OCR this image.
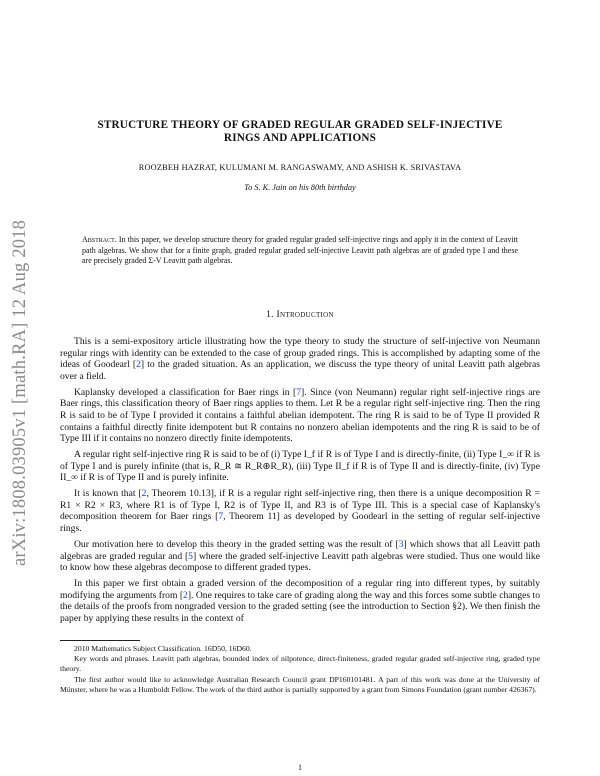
arXiv:1808.03905v1 [math.RA] 12 Aug 2018
STRUCTURE THEORY OF GRADED REGULAR GRADED SELF-INJECTIVE
RINGS AND APPLICATIONS
ROOZBEH HAZRAT, KULUMANI M. RANGASWAMY, AND ASHISH K. SRIVASTAVA
To S. K. Jain on his 80th birthday
Abstract. In this paper, we develop structure theory for graded regular graded self-injective rings and apply it in the context of Leavitt path algebras. We show that for a finite graph, graded regular graded self-injective Leavitt path algebras are of graded type I and these are precisely graded Σ-V Leavitt path algebras.
1. Introduction

This is a semi-expository article illustrating how the type theory to study the structure of self-injective von Neumann regular rings with identity can be extended to the case of group graded rings. This is accomplished by adapting some of the ideas of Goodearl [2] to the graded situation. As an application, we discuss the type theory of unital Leavitt path algebras over a field.

Kaplansky developed a classification for Baer rings in [7]. Since (von Neumann) regular right self-injective rings are Baer rings, this classification theory of Baer rings applies to them. Let R be a regular right self-injective ring. Then the ring R is said to be of Type I provided it contains a faithful abelian idempotent. The ring R is said to be of Type II provided R contains a faithful directly finite idempotent but R contains no nonzero abelian idempotents and the ring R is said to be of Type III if it contains no nonzero directly finite idempotents.

A regular right self-injective ring R is said to be of (i) Type I_f if R is of Type I and is directly-finite, (ii) Type I_∞ if R is of Type I and is purely infinite (that is, R_R ≅ R_R⊕R_R), (iii) Type II_f if R is of Type II and is directly-finite, (iv) Type II_∞ if R is of Type II and is purely infinite.

It is known that [2, Theorem 10.13], if R is a regular right self-injective ring, then there is a unique decomposition R = R1 × R2 × R3, where R1 is of Type I, R2 is of Type II, and R3 is of Type III. This is a special case of Kaplansky's decomposition theorem for Baer rings [7, Theorem 11] as developed by Goodearl in the setting of regular self-injective rings.

Our motivation here to develop this theory in the graded setting was the result of [3] which shows that all Leavitt path algebras are graded regular and [5] where the graded self-injective Leavitt path algebras were studied. Thus one would like to know how these algebras decompose to different graded types.

In this paper we first obtain a graded version of the decomposition of a regular ring into different types, by suitably modifying the arguments from [2]. One requires to take care of grading along the way and this forces some subtle changes to the details of the proofs from nongraded version to the graded setting (see the introduction to Section §2). We then finish the paper by applying these results in the context of

2010 Mathematics Subject Classification. 16D50, 16D60.

Key words and phrases. Leavitt path algebras, bounded index of nilpotence, direct-finiteness, graded regular graded self-injective ring, graded type theory.

The first author would like to acknowledge Australian Research Council grant DP160101481. A part of this work was done at the University of Münster, where he was a Humboldt Fellow. The work of the third author is partially supported by a grant from Simons Foundation (grant number 426367).

1
